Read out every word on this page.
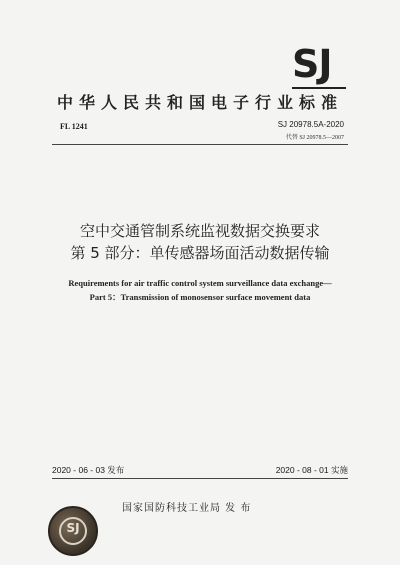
SJ
中华人民共和国电子行业标准
FL 1241	SJ 20978.5A-2020
代替 SJ 20978.5—2007
空中交通管制系统监视数据交换要求
第 5 部分：单传感器场面活动数据传输
Requirements for air traffic control system surveillance data exchange—
Part 5：Transmission of monosensor surface movement data
2020 - 06 - 03 发布	2020 - 08 - 01 实施
SJ
国家国防科技工业局 发 布
